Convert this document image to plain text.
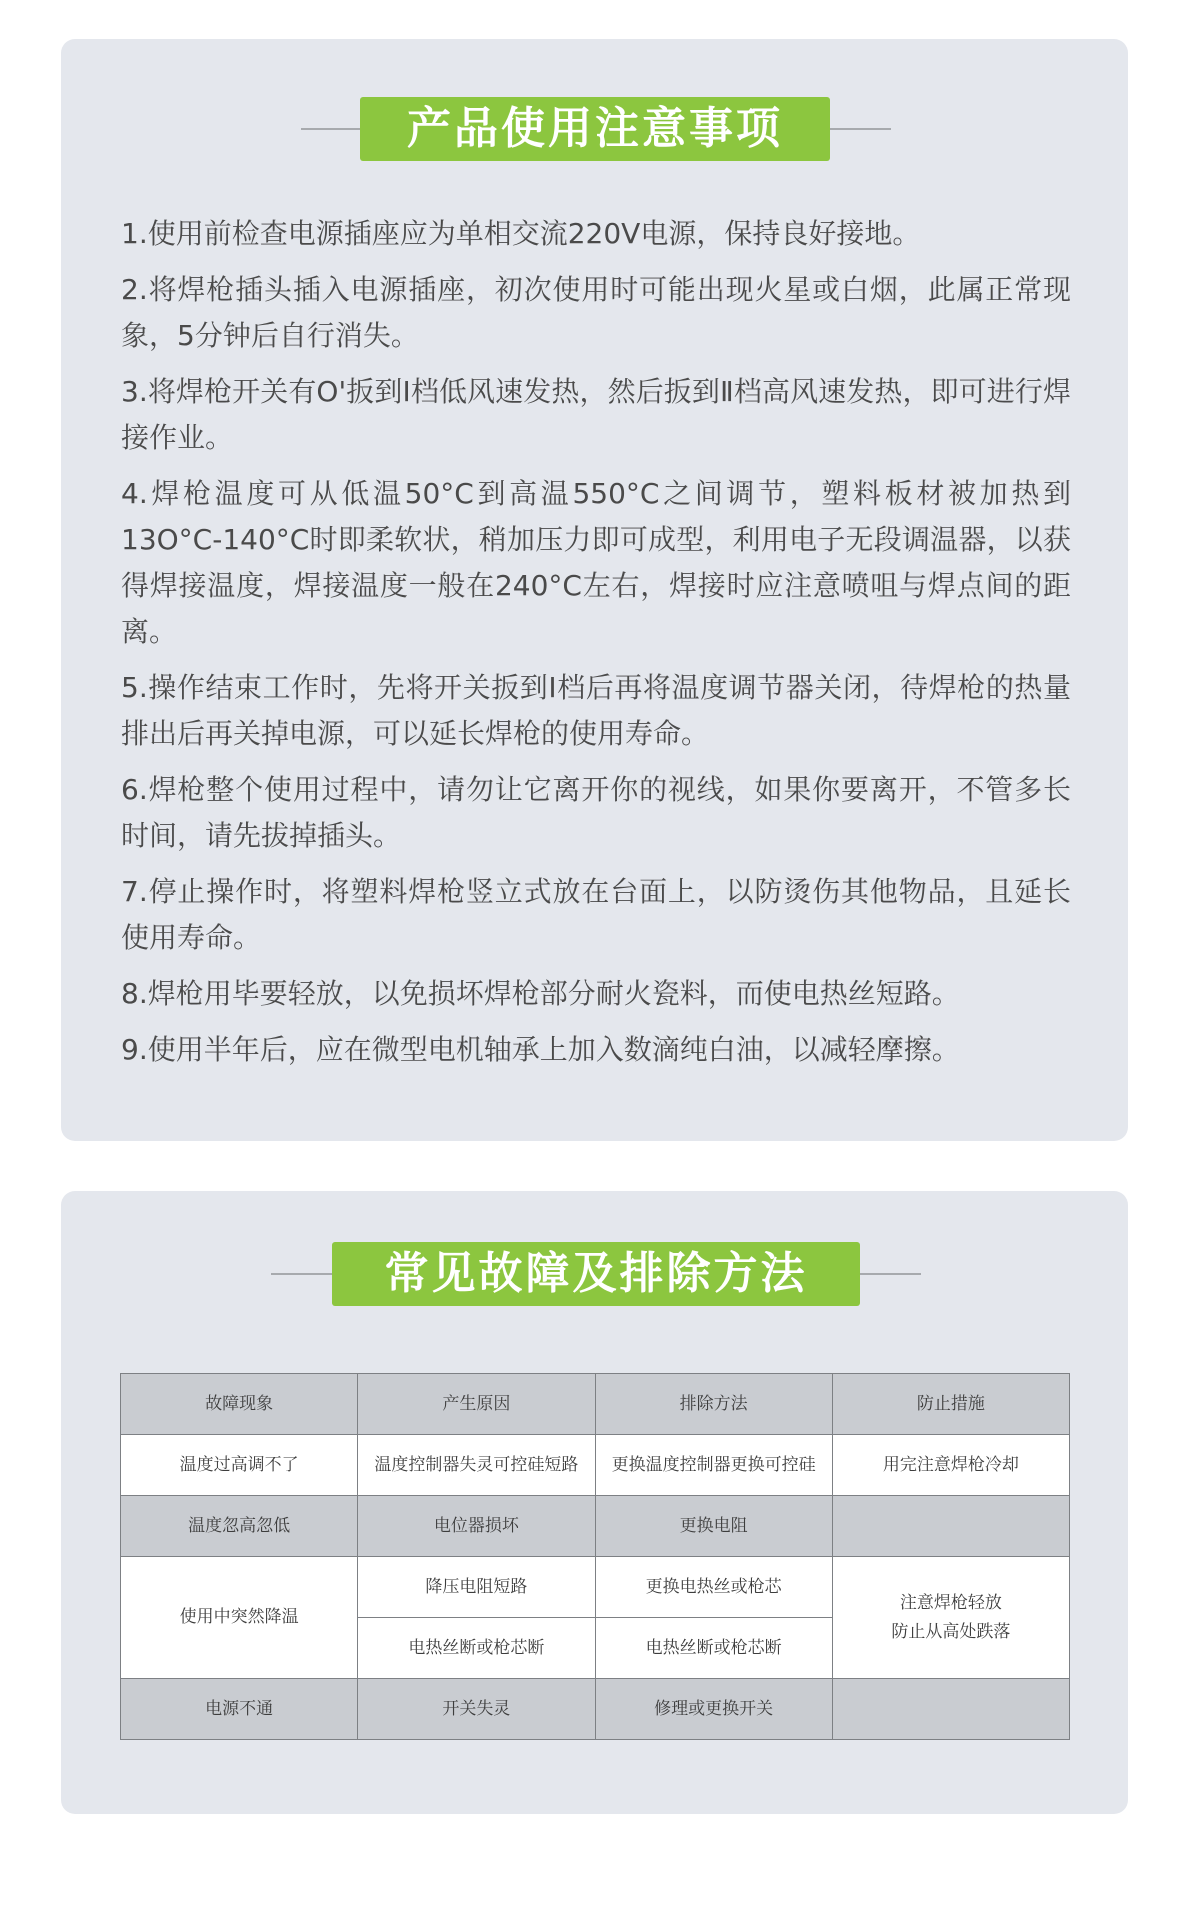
产品使用注意事项
1.使用前检查电源插座应为单相交流220V电源，保持良好接地。
2.将焊枪插头插入电源插座，初次使用时可能出现火星或白烟，此属正常现象，5分钟后自行消失。
3.将焊枪开关有O'扳到Ⅰ档低风速发热，然后扳到Ⅱ档高风速发热，即可进行焊接作业。
4.焊枪温度可从低温50°C到高温550°C之间调节，塑料板材被加热到13O°C-140°C时即柔软状，稍加压力即可成型，利用电子无段调温器，以获得焊接温度，焊接温度一般在240°C左右，焊接时应注意喷咀与焊点间的距离。
5.操作结束工作时，先将开关扳到Ⅰ档后再将温度调节器关闭，待焊枪的热量排出后再关掉电源，可以延长焊枪的使用寿命。
6.焊枪整个使用过程中，请勿让它离开你的视线，如果你要离开，不管多长时间，请先拔掉插头。
7.停止操作时，将塑料焊枪竖立式放在台面上，以防烫伤其他物品，且延长使用寿命。
8.焊枪用毕要轻放，以免损坏焊枪部分耐火瓷料，而使电热丝短路。
9.使用半年后，应在微型电机轴承上加入数滴纯白油，以减轻摩擦。
常见故障及排除方法
故障现象	产生原因	排除方法	防止措施
温度过高调不了	温度控制器失灵可控硅短路	更换温度控制器更换可控硅	用完注意焊枪冷却
温度忽高忽低	电位器损坏	更换电阻	
使用中突然降温	降压电阻短路	更换电热丝或枪芯	注意焊枪轻放
防止从高处跌落
	电热丝断或枪芯断	电热丝断或枪芯断	
电源不通	开关失灵	修理或更换开关	
